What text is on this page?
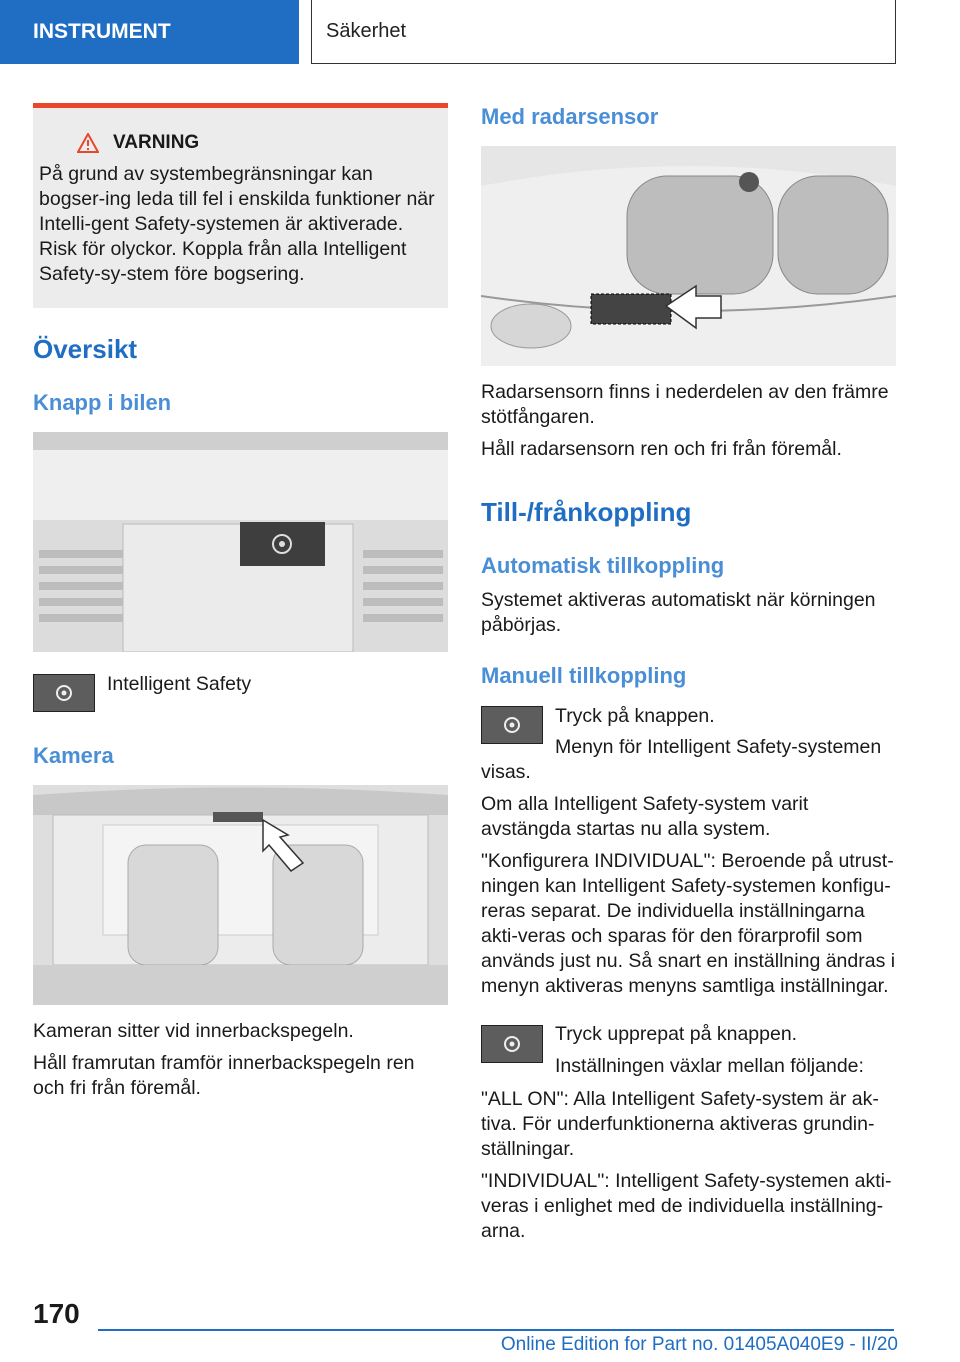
INSTRUMENT	Säkerhet
VARNING

På grund av systembegränsningar kan bogser-ing leda till fel i enskilda funktioner när Intelli-gent Safety-systemen är aktiverade. Risk för olyckor. Koppla från alla Intelligent Safety-sy-stem före bogsering.

Översikt
Knapp i bilen
Intelligent Safety
Kamera

Kameran sitter vid innerbackspegeln.

Håll framrutan framför innerbackspegeln ren och fri från föremål.

Med radarsensor

Radarsensorn finns i nederdelen av den främre stötfångaren.

Håll radarsensorn ren och fri från föremål.

Till-/frånkoppling
Automatisk tillkoppling

Systemet aktiveras automatiskt när körningen påbörjas.

Manuell tillkoppling

Tryck på knappen.

Menyn för Intelligent Safety-systemen visas.

Om alla Intelligent Safety-system varit avstängda startas nu alla system.

"Konfigurera INDIVIDUAL": Beroende på utrust-ningen kan Intelligent Safety-systemen konfigu-reras separat. De individuella inställningarna akti-veras och sparas för den förarprofil som används just nu. Så snart en inställning ändras i menyn aktiveras menyns samtliga inställningar.

Tryck upprepat på knappen.

Inställningen växlar mellan följande:

"ALL ON": Alla Intelligent Safety-system är ak-tiva. För underfunktionerna aktiveras grundin-ställningar.

"INDIVIDUAL": Intelligent Safety-systemen akti-veras i enlighet med de individuella inställning-arna.

170
Online Edition for Part no. 01405A040E9 - II/20
